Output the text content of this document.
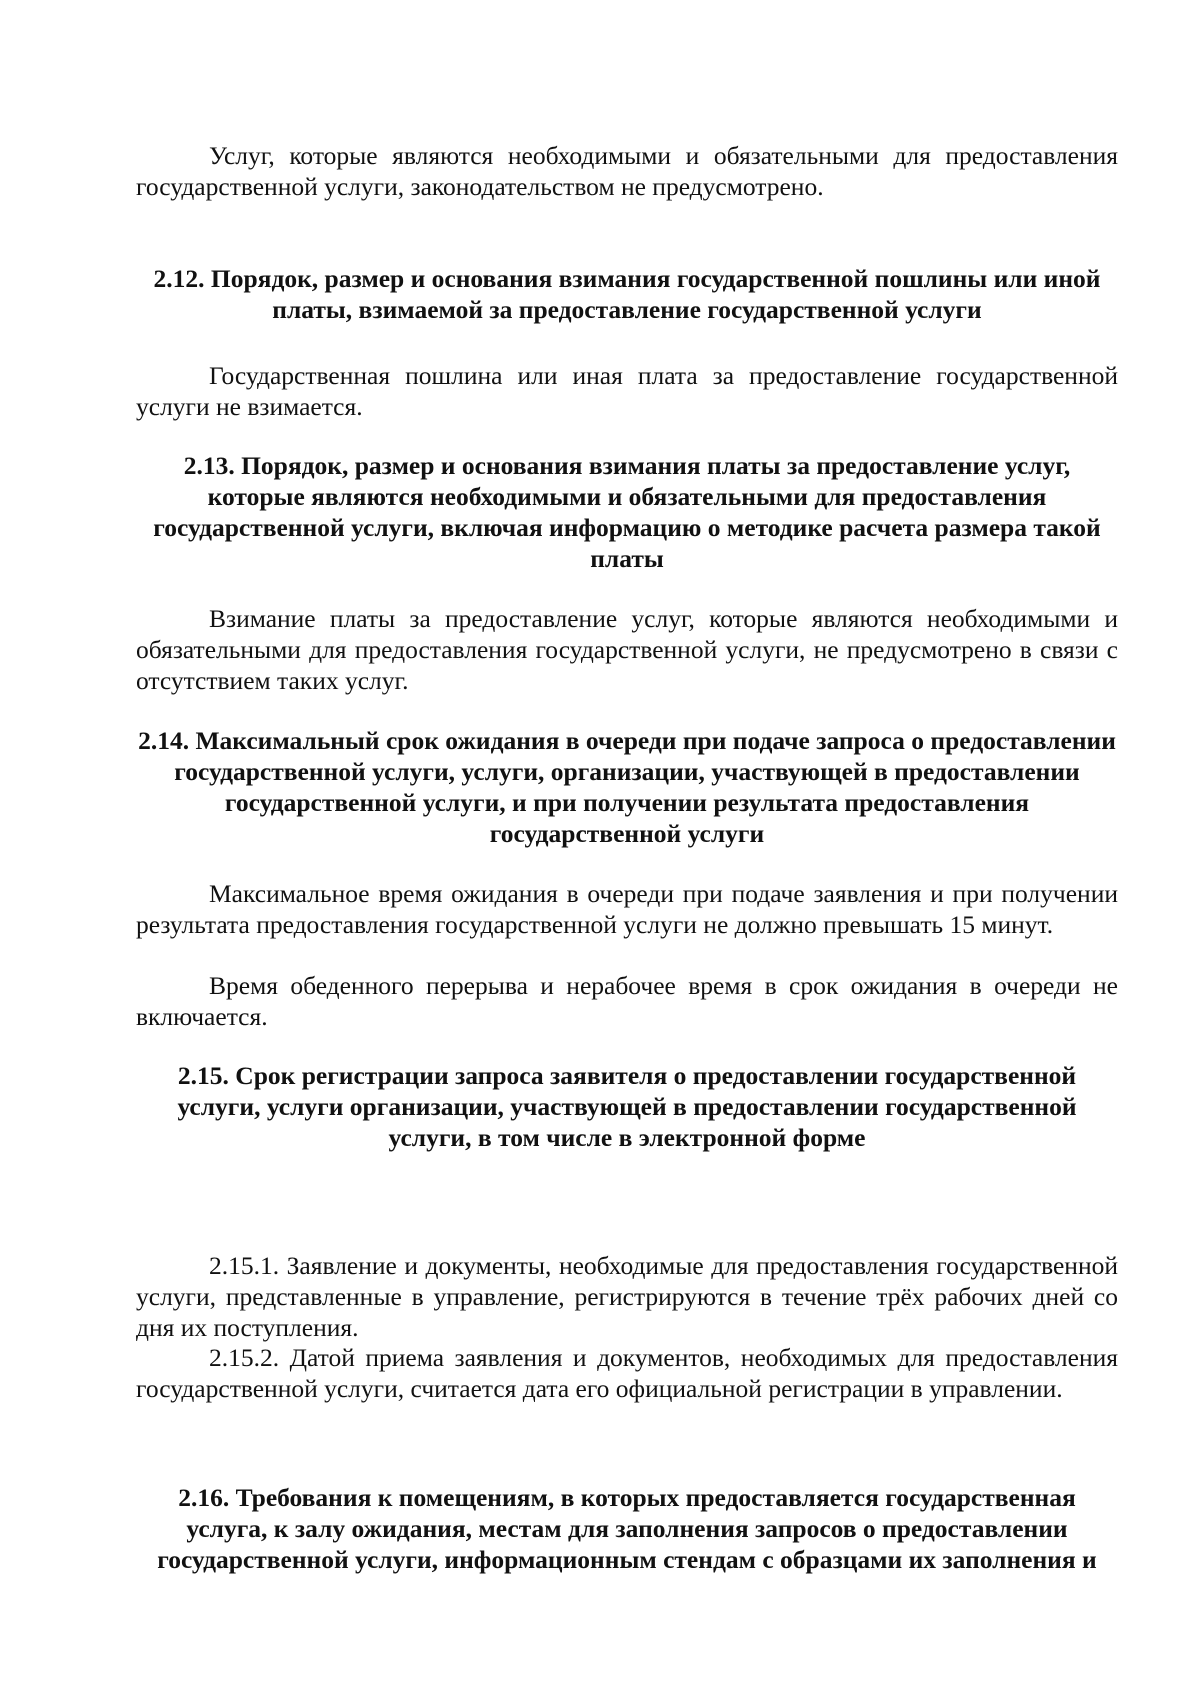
Услуг, которые являются необходимыми и обязательными для предоставления государственной услуги, законодательством не предусмотрено.

2.12. Порядок, размер и основания взимания государственной пошлины или иной платы, взимаемой за предоставление государственной услуги

Государственная пошлина или иная плата за предоставление государственной услуги не взимается.

2.13. Порядок, размер и основания взимания платы за предоставление услуг, которые являются необходимыми и обязательными для предоставления государственной услуги, включая информацию о методике расчета размера такой платы

Взимание платы за предоставление услуг, которые являются необходимыми и обязательными для предоставления государственной услуги, не предусмотрено в связи с отсутствием таких услуг.

2.14. Максимальный срок ожидания в очереди при подаче запроса о предоставлении государственной услуги, услуги, организации, участвующей в предоставлении государственной услуги, и при получении результата предоставления государственной услуги

Максимальное время ожидания в очереди при подаче заявления и при получении результата предоставления государственной услуги не должно превышать 15 минут.

Время обеденного перерыва и нерабочее время в срок ожидания в очереди не включается.

2.15. Срок регистрации запроса заявителя о предоставлении государственной услуги, услуги организации, участвующей в предоставлении государственной услуги, в том числе в электронной форме

2.15.1. Заявление и документы, необходимые для предоставления государственной услуги, представленные в управление, регистрируются в течение трёх рабочих дней со дня их поступления.

2.15.2. Датой приема заявления и документов, необходимых для предоставления государственной услуги, считается дата его официальной регистрации в управлении.

2.16. Требования к помещениям, в которых предоставляется государственная услуга, к залу ожидания, местам для заполнения запросов о предоставлении государственной услуги, информационным стендам с образцами их заполнения и
